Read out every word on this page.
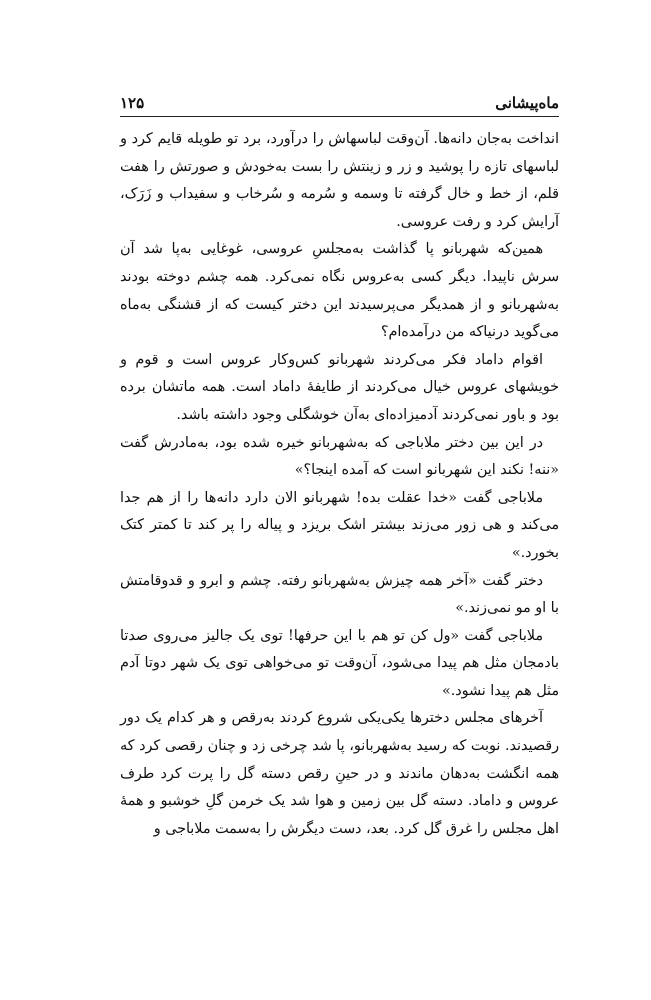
ماه‌پیشانی
۱۲۵

انداخت به‌جان دانه‌ها. آن‌وقت لباسهاش را درآورد، برد تو طویله قایم کرد و لباسهای تازه را پوشید و زر و زینتش را بست به‌خودش و صورتش را هفت قلم، از خط و خال گرفته تا وسمه و سُرمه و سُرخاب و سفیداب و زَرَک، آرایش کرد و رفت عروسی.

همین‌که شهربانو پا گذاشت به‌مجلسِ عروسی، غوغایی به‌پا شد آن سرش ناپیدا. دیگر کسی به‌عروس نگاه نمی‌کرد. همه چشم دوخته بودند به‌شهربانو و از همدیگر می‌پرسیدند این دختر کیست که از قشنگی به‌ماه می‌گوید درنیاکه من درآمده‌ام؟

اقوام داماد فکر می‌کردند شهربانو کس‌وکار عروس است و قوم و خویشهای عروس خیال می‌کردند از طایفهٔ داماد است. همه ماتشان برده بود و باور نمی‌کردند آدمیزاده‌ای به‌آن خوشگلی وجود داشته باشد.

در این بین دختر ملاباجی که به‌شهربانو خیره شده بود، به‌مادرش گفت «ننه! نکند این شهربانو است که آمده اینجا؟»

ملاباجی گفت «خدا عقلت بده! شهربانو الان دارد دانه‌ها را از هم جدا می‌کند و هی زور می‌زند بیشتر اشک بریزد و پیاله را پر کند تا کمتر کتک بخورد.»

دختر گفت «آخر همه چیزش به‌شهربانو رفته. چشم و ابرو و قدوقامتش با او مو نمی‌زند.»

ملاباجی گفت «ول کن تو هم با این حرفها! توی یک جالیز می‌روی صدتا بادمجان مثل هم پیدا می‌شود، آن‌وقت تو می‌خواهی توی یک شهر دوتا آدم مثل هم پیدا نشود.»

آخرهای مجلس دخترها یکی‌یکی شروع کردند به‌رقص و هر کدام یک دور رقصیدند. نوبت که رسید به‌شهربانو، پا شد چرخی زد و چنان رقصی کرد که همه انگشت به‌دهان ماندند و در حینِ رقص دسته گل را پرت کرد طرف عروس و داماد. دسته گل بین زمین و هوا شد یک خرمن گلِ خوشبو و همهٔ اهل مجلس را غرق گل کرد. بعد، دست دیگرش را به‌سمت ملاباجی و
